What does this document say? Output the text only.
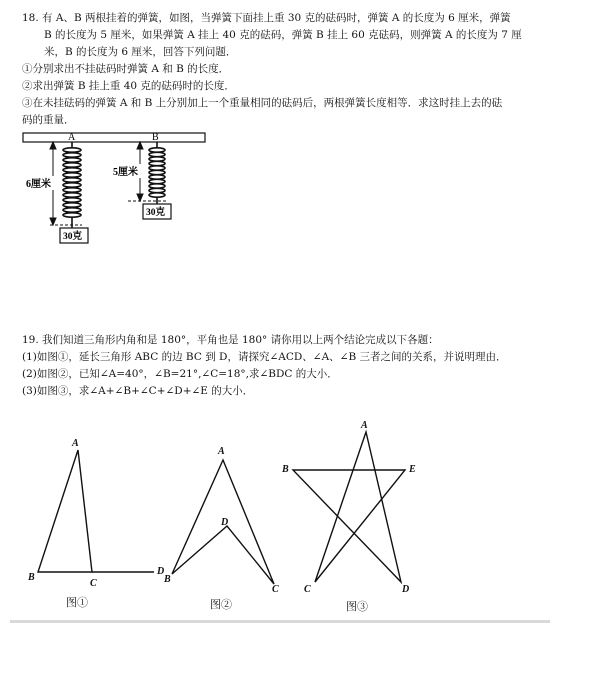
18. 有 A、B 两根挂着的弹簧，如图，当弹簧下面挂上重 30 克的砝码时，弹簧 A 的长度为 6 厘米，弹簧
B 的长度为 5 厘米，如果弹簧 A 挂上 40 克的砝码，弹簧 B 挂上 60 克砝码，则弹簧 A 的长度为 7 厘
米，B 的长度为 6 厘米，回答下列问题．
①分别求出不挂砝码时弹簧 A 和 B 的长度．
②求出弹簧 B 挂上重 40 克的砝码时的长度．
③在未挂砝码的弹簧 A 和 B 上分别加上一个重量相同的砝码后，两根弹簧长度相等．求这时挂上去的砝
码的重量．
A	B
6厘米
30克
5厘米
30克
19. 我们知道三角形内角和是 180°，平角也是 180° 请你用以上两个结论完成以下各题：
(1)如图①，延长三角形 ABC 的边 BC 到 D，请探究∠ACD、∠A、∠B 三者之间的关系，并说明理由．
(2)如图②，已知∠A=40°，∠B=21°,∠C=18°,求∠BDC 的大小．
(3)如图③，求∠A+∠B+∠C+∠D+∠E 的大小．
A
B
C
D
A
D
B
C
A
B	E
C	D
图①	图②	图③
